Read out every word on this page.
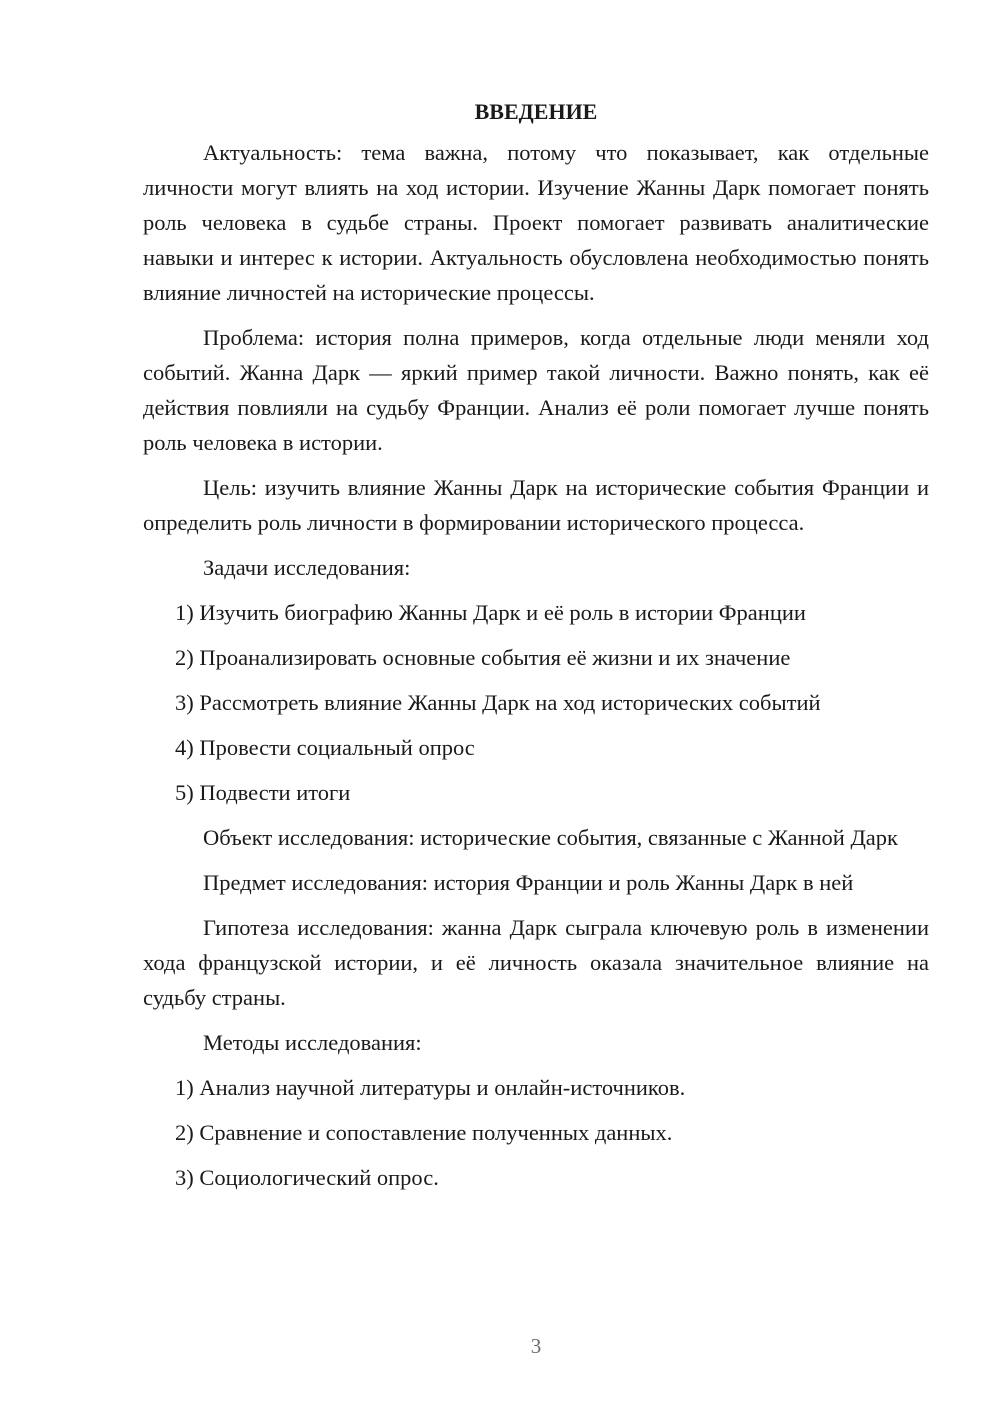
ВВЕДЕНИЕ

Актуальность: тема важна, потому что показывает, как отдельные личности могут влиять на ход истории. Изучение Жанны Дарк помогает понять роль человека в судьбе страны. Проект помогает развивать аналитические навыки и интерес к истории. Актуальность обусловлена необходимостью понять влияние личностей на исторические процессы.

Проблема: история полна примеров, когда отдельные люди меняли ход событий. Жанна Дарк — яркий пример такой личности. Важно понять, как её действия повлияли на судьбу Франции. Анализ её роли помогает лучше понять роль человека в истории.

Цель: изучить влияние Жанны Дарк на исторические события Франции и определить роль личности в формировании исторического процесса.

Задачи исследования:

1) Изучить биографию Жанны Дарк и её роль в истории Франции
2) Проанализировать основные события её жизни и их значение
3) Рассмотреть влияние Жанны Дарк на ход исторических событий
4) Провести социальный опрос
5) Подвести итоги

Объект исследования: исторические события, связанные с Жанной Дарк

Предмет исследования: история Франции и роль Жанны Дарк в ней

Гипотеза исследования: жанна Дарк сыграла ключевую роль в изменении хода французской истории, и её личность оказала значительное влияние на судьбу страны.

Методы исследования:

1) Анализ научной литературы и онлайн-источников.
2) Сравнение и сопоставление полученных данных.
3) Социологический опрос.
3
